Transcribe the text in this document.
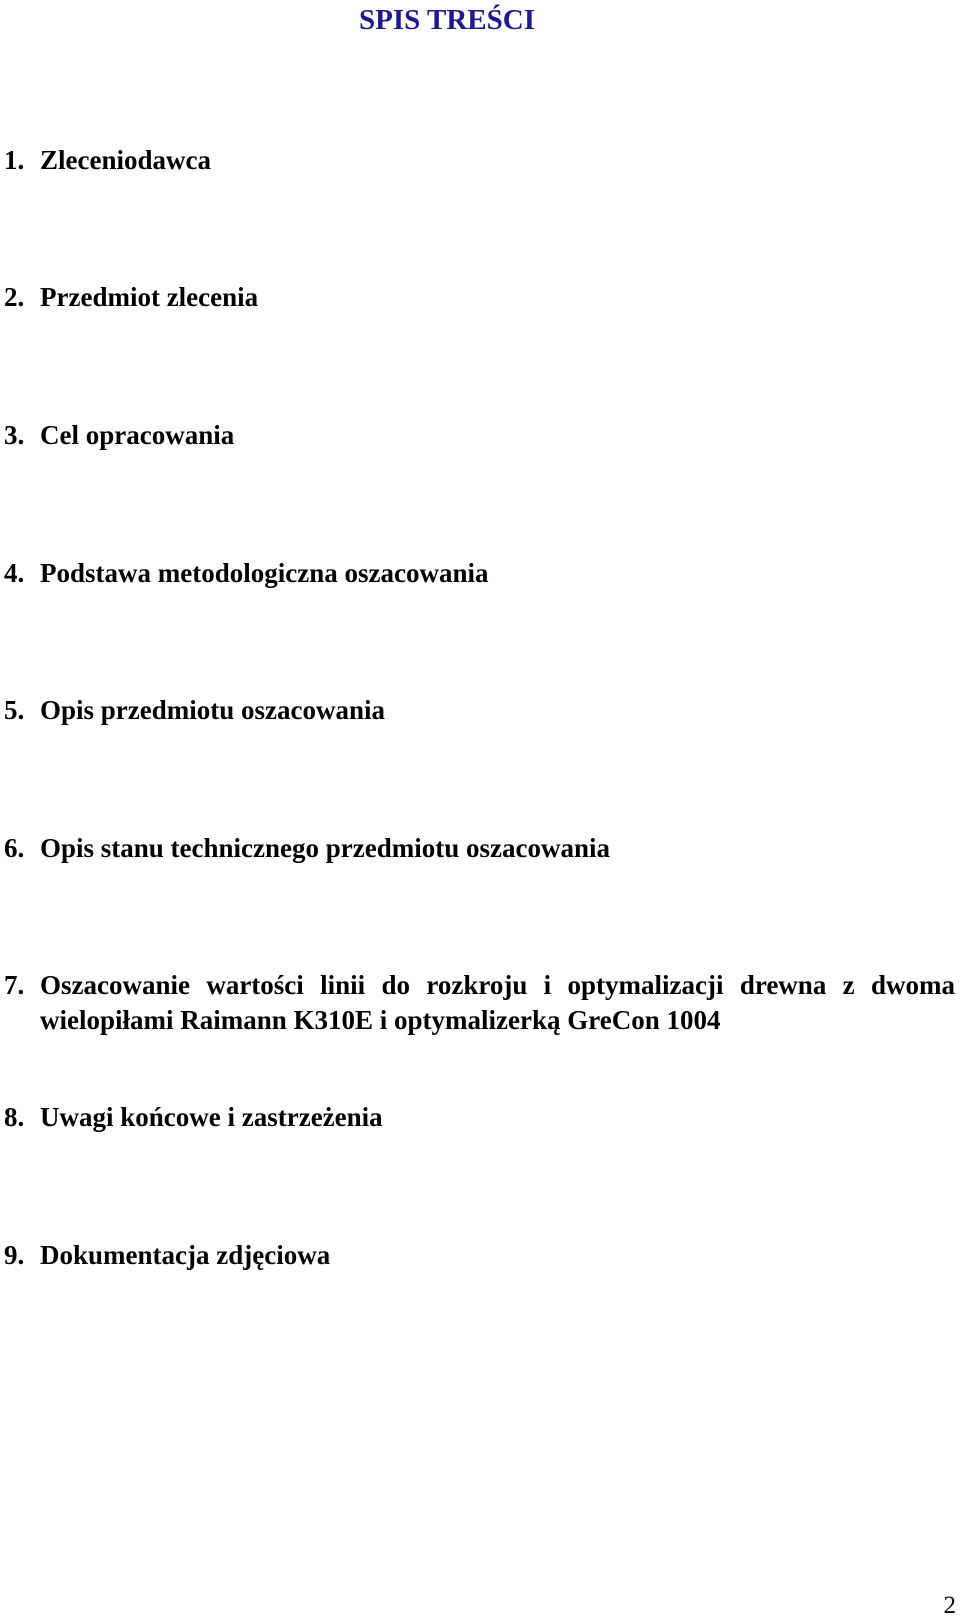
SPIS TREŚCI
1. Zleceniodawca
2. Przedmiot zlecenia
3. Cel opracowania
4. Podstawa metodologiczna oszacowania
5. Opis przedmiotu oszacowania
6. Opis stanu technicznego przedmiotu oszacowania
7. Oszacowanie wartości linii do rozkroju i optymalizacji drewna z dwoma wielopiłami Raimann K310E i optymalizerką GreCon 1004
8. Uwagi końcowe i zastrzeżenia
9. Dokumentacja zdjęciowa
2
